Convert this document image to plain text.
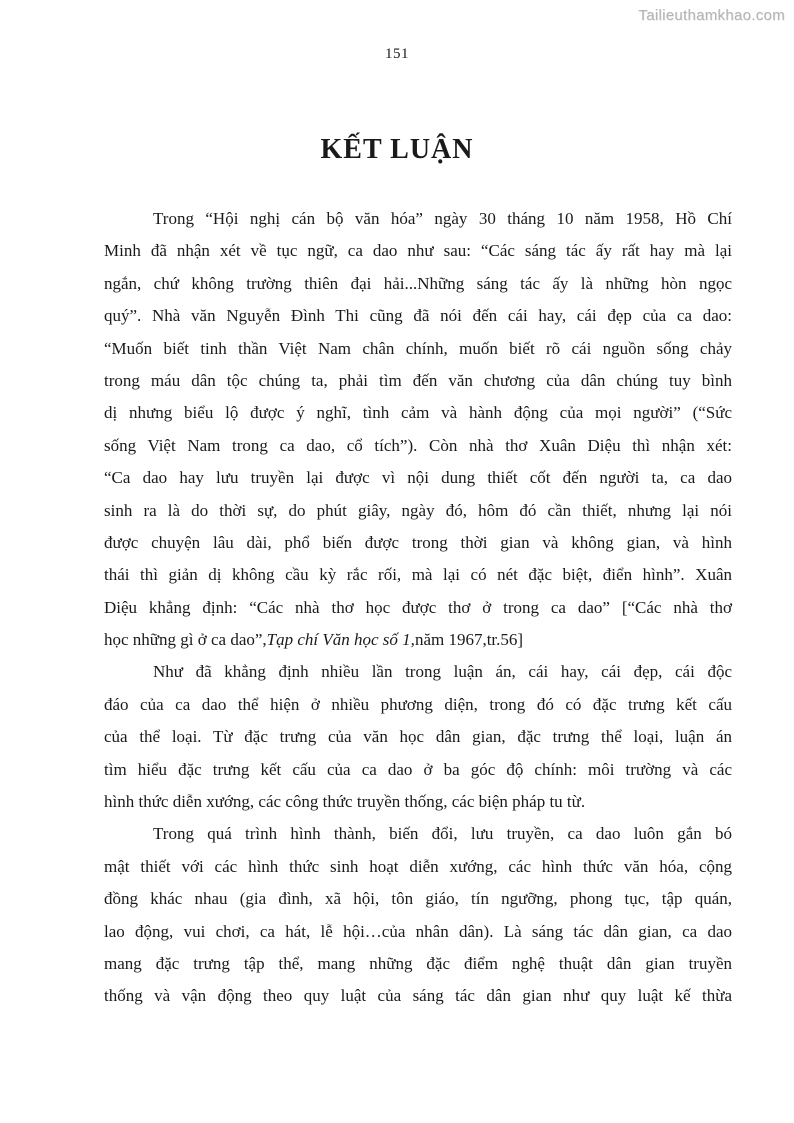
Tailieuthamkhao.com
151
KẾT LUẬN
Trong “Hội nghị cán bộ văn hóa” ngày 30 tháng 10 năm 1958, Hồ Chí
Minh đã nhận xét về tục ngữ, ca dao như sau: “Các sáng tác ấy rất hay mà lại
ngắn, chứ không trường thiên đại hải...Những sáng tác ấy là những hòn ngọc
quý”. Nhà văn Nguyễn Đình Thi cũng đã nói đến cái hay, cái đẹp của ca dao:
“Muốn biết tinh thần Việt Nam chân chính, muốn biết rõ cái nguồn sống chảy
trong máu dân tộc chúng ta, phải tìm đến văn chương của dân chúng tuy bình
dị nhưng biểu lộ được ý nghĩ, tình cảm và hành động của mọi người” (“Sức
sống Việt Nam trong ca dao, cổ tích”). Còn nhà thơ Xuân Diệu thì nhận xét:
“Ca dao hay lưu truyền lại được vì nội dung thiết cốt đến người ta, ca dao
sinh ra là do thời sự, do phút giây, ngày đó, hôm đó cần thiết, nhưng lại nói
được chuyện lâu dài, phổ biến được trong thời gian và không gian, và hình
thái thì giản dị không cầu kỳ rắc rối, mà lại có nét đặc biệt, điển hình”. Xuân
Diệu khẳng định: “Các nhà thơ học được thơ ở trong ca dao” [“Các nhà thơ
học những gì ở ca dao”,Tạp chí Văn học số 1,năm 1967,tr.56]
Như đã khẳng định nhiều lần trong luận án, cái hay, cái đẹp, cái độc
đáo của ca dao thể hiện ở nhiều phương diện, trong đó có đặc trưng kết cấu
của thể loại. Từ đặc trưng của văn học dân gian, đặc trưng thể loại, luận án
tìm hiểu đặc trưng kết cấu của ca dao ở ba góc độ chính: môi trường và các
hình thức diễn xướng, các công thức truyền thống, các biện pháp tu từ.
Trong quá trình hình thành, biến đổi, lưu truyền, ca dao luôn gắn bó
mật thiết với các hình thức sinh hoạt diễn xướng, các hình thức văn hóa, cộng
đồng khác nhau (gia đình, xã hội, tôn giáo, tín ngưỡng, phong tục, tập quán,
lao động, vui chơi, ca hát, lễ hội…của nhân dân). Là sáng tác dân gian, ca dao
mang đặc trưng tập thể, mang những đặc điểm nghệ thuật dân gian truyền
thống và vận động theo quy luật của sáng tác dân gian như quy luật kế thừa
